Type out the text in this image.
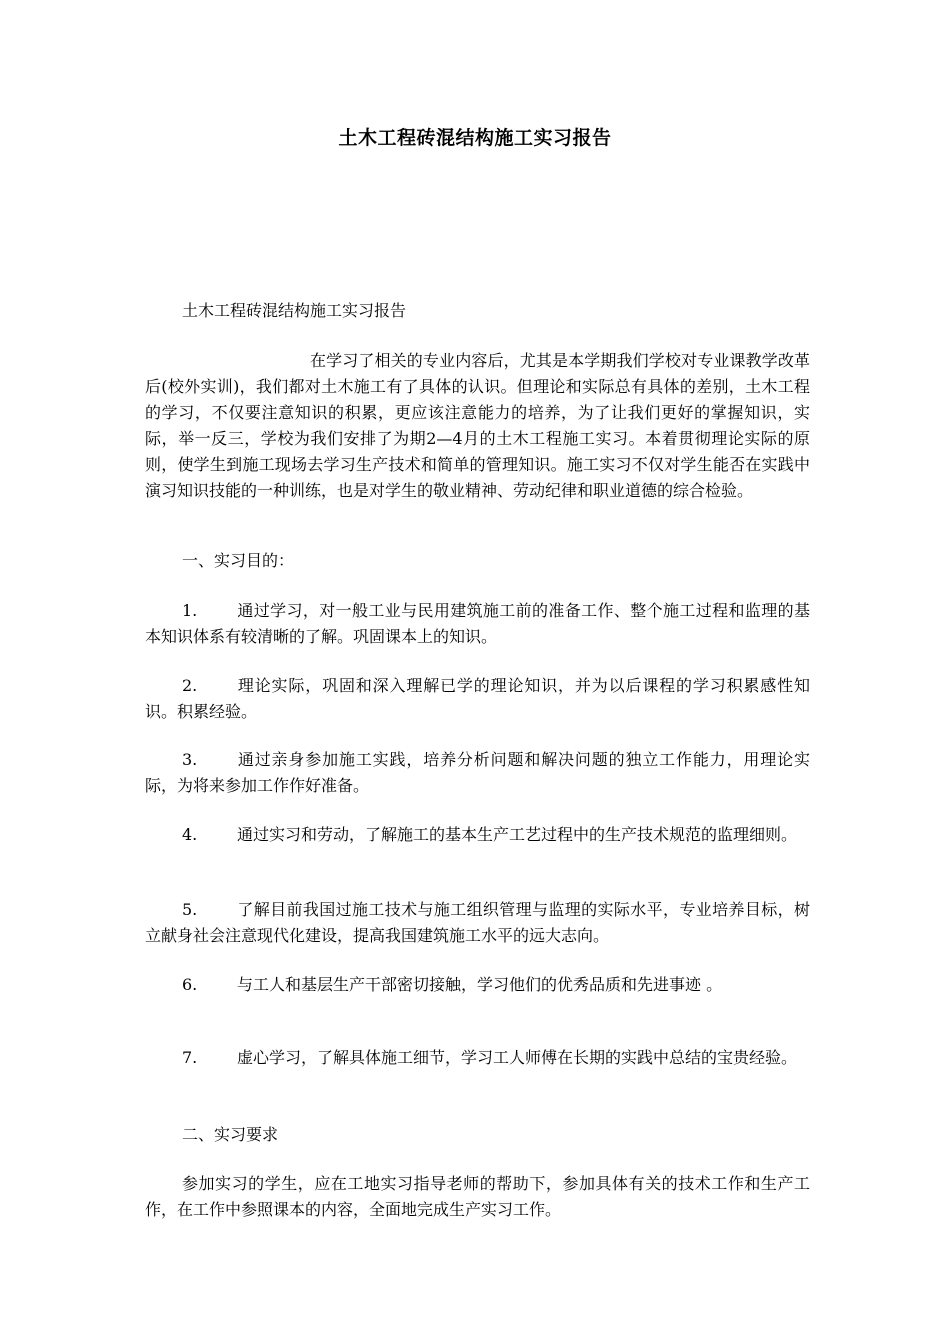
土木工程砖混结构施工实习报告

土木工程砖混结构施工实习报告

在学习了相关的专业内容后，尤其是本学期我们学校对专业课教学改革后(校外实训)，我们都对土木施工有了具体的认识。但理论和实际总有具体的差别，土木工程的学习，不仅要注意知识的积累，更应该注意能力的培养，为了让我们更好的掌握知识，实际，举一反三，学校为我们安排了为期2—4月的土木工程施工实习。本着贯彻理论实际的原则，使学生到施工现场去学习生产技术和简单的管理知识。施工实习不仅对学生能否在实践中演习知识技能的一种训练，也是对学生的敬业精神、劳动纪律和职业道德的综合检验。

一、实习目的：

1. 通过学习，对一般工业与民用建筑施工前的准备工作、整个施工过程和监理的基本知识体系有较清晰的了解。巩固课本上的知识。

2. 理论实际，巩固和深入理解已学的理论知识，并为以后课程的学习积累感性知识。积累经验。

3. 通过亲身参加施工实践，培养分析问题和解决问题的独立工作能力，用理论实际，为将来参加工作作好准备。

4. 通过实习和劳动，了解施工的基本生产工艺过程中的生产技术规范的监理细则。

5. 了解目前我国过施工技术与施工组织管理与监理的实际水平，专业培养目标，树立献身社会注意现代化建设，提高我国建筑施工水平的远大志向。

6. 与工人和基层生产干部密切接触，学习他们的优秀品质和先进事迹 。

7. 虚心学习，了解具体施工细节，学习工人师傅在长期的实践中总结的宝贵经验。

二、实习要求

参加实习的学生，应在工地实习指导老师的帮助下，参加具体有关的技术工作和生产工作，在工作中参照课本的内容，全面地完成生产实习工作。
